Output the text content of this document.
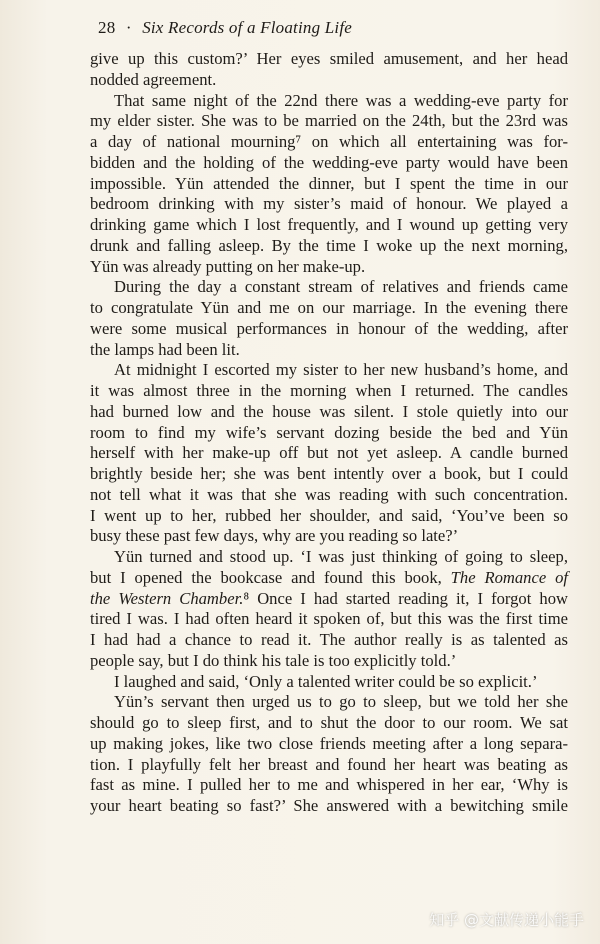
28 · Six Records of a Floating Life
give up this custom?’ Her eyes smiled amusement, and her head
nodded agreement.
That same night of the 22nd there was a wedding-eve party for
my elder sister. She was to be married on the 24th, but the 23rd was
a day of national mourning⁷ on which all entertaining was for-
bidden and the holding of the wedding-eve party would have been
impossible. Yün attended the dinner, but I spent the time in our
bedroom drinking with my sister’s maid of honour. We played a
drinking game which I lost frequently, and I wound up getting very
drunk and falling asleep. By the time I woke up the next morning,
Yün was already putting on her make-up.
During the day a constant stream of relatives and friends came
to congratulate Yün and me on our marriage. In the evening there
were some musical performances in honour of the wedding, after
the lamps had been lit.
At midnight I escorted my sister to her new husband’s home, and
it was almost three in the morning when I returned. The candles
had burned low and the house was silent. I stole quietly into our
room to find my wife’s servant dozing beside the bed and Yün
herself with her make-up off but not yet asleep. A candle burned
brightly beside her; she was bent intently over a book, but I could
not tell what it was that she was reading with such concentration.
I went up to her, rubbed her shoulder, and said, ‘You’ve been so
busy these past few days, why are you reading so late?’
Yün turned and stood up. ‘I was just thinking of going to sleep,
but I opened the bookcase and found this book, The Romance of
the Western Chamber.⁸ Once I had started reading it, I forgot how
tired I was. I had often heard it spoken of, but this was the first time
I had had a chance to read it. The author really is as talented as
people say, but I do think his tale is too explicitly told.’
I laughed and said, ‘Only a talented writer could be so explicit.’
Yün’s servant then urged us to go to sleep, but we told her she
should go to sleep first, and to shut the door to our room. We sat
up making jokes, like two close friends meeting after a long separa-
tion. I playfully felt her breast and found her heart was beating as
fast as mine. I pulled her to me and whispered in her ear, ‘Why is
your heart beating so fast?’ She answered with a bewitching smile
知乎 @文献传递小能手
